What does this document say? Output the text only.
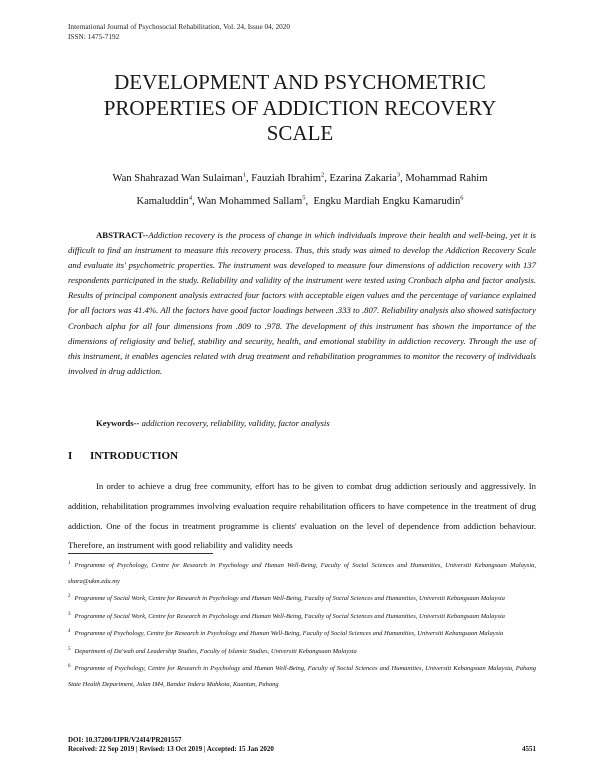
International Journal of Psychosocial Rehabilitation, Vol. 24, Issue 04, 2020
ISSN: 1475-7192
DEVELOPMENT AND PSYCHOMETRIC
PROPERTIES OF ADDICTION RECOVERY
SCALE
Wan Shahrazad Wan Sulaiman$^1$, Fauziah Ibrahim$^2$, Ezarina Zakaria$^3$, Mohammad Rahim
Kamaluddin$^4$, Wan Mohammed Sallam$^5$,  Engku Mardiah Engku Kamarudin$^6$
ABSTRACT--Addiction recovery is the process of change in which individuals improve their health and well-being, yet it is difficult to find an instrument to measure this recovery process. Thus, this study was aimed to develop the Addiction Recovery Scale and evaluate its' psychometric properties. The instrument was developed to measure four dimensions of addiction recovery with 137 respondents participated in the study. Reliability and validity of the instrument were tested using Cronbach alpha and factor analysis. Results of principal component analysis extracted four factors with acceptable eigen values and the percentage of variance explained for all factors was 41.4%. All the factors have good factor loadings between .333 to .807. Reliability analysis also showed satisfactory Cronbach alpha for all four dimensions from .809 to .978. The development of this instrument has shown the importance of the dimensions of religiosity and belief, stability and security, health, and emotional stability in addiction recovery. Through the use of this instrument, it enables agencies related with drug treatment and rehabilitation programmes to monitor the recovery of individuals involved in drug addiction.
Keywords-- addiction recovery, reliability, validity, factor analysis
I INTRODUCTION
In order to achieve a drug free community, effort has to be given to combat drug addiction seriously and aggressively. In addition, rehabilitation programmes involving evaluation require rehabilitation officers to have competence in the treatment of drug addiction. One of the focus in treatment programme is clients' evaluation on the level of dependence from addiction behaviour. Therefore, an instrument with good reliability and validity needs

$^1$ Programme of Psychology, Centre for Research in Psychology and Human Well-Being, Faculty of Social Sciences and Humanities, Universiti Kebangsaan Malaysia, shara@ukm.edu.my

$^2$ Programme of Social Work, Centre for Research in Psychology and Human Well-Being, Faculty of Social Sciences and Humanities, Universiti Kebangsaan Malaysia

$^3$ Programme of Social Work, Centre for Research in Psychology and Human Well-Being, Faculty of Social Sciences and Humanities, Universiti Kebangsaan Malaysia

$^4$ Programme of Psychology, Centre for Research in Psychology and Human Well-Being, Faculty of Social Sciences and Humanities, Universiti Kebangsaan Malaysia

$^5$ Department of Da'wah and Leadership Studies, Faculty of Islamic Studies, Universiti Kebangsaan Malaysia

$^6$ Programme of Psychology, Centre for Research in Psychology and Human Well-Being, Faculty of Social Sciences and Humanities, Universiti Kebangsaan Malaysia, Pahang State Health Department, Jalan IM4, Bandar Indera Mahkota, Kuantan, Pahang

DOI: 10.37200/IJPR/V24I4/PR201557
Received: 22 Sep 2019 | Revised: 13 Oct 2019 | Accepted: 15 Jan 2020	4551
